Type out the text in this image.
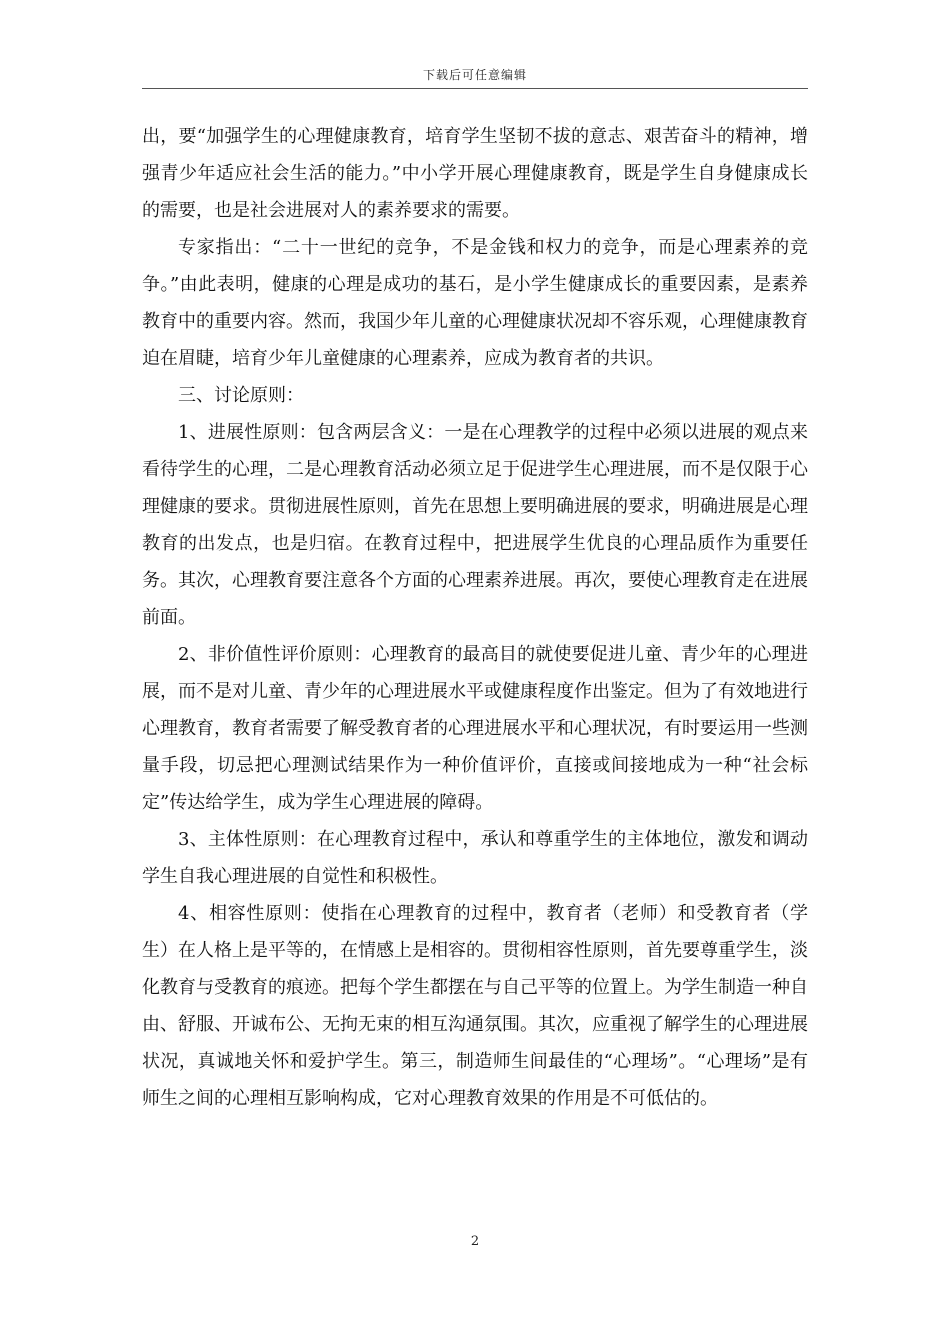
下载后可任意编辑

出，要“加强学生的心理健康教育，培育学生坚韧不拔的意志、艰苦奋斗的精神，增强青少年适应社会生活的能力。”中小学开展心理健康教育，既是学生自身健康成长的需要，也是社会进展对人的素养要求的需要。

专家指出：“二十一世纪的竞争，不是金钱和权力的竞争，而是心理素养的竞争。”由此表明，健康的心理是成功的基石，是小学生健康成长的重要因素，是素养教育中的重要内容。然而，我国少年儿童的心理健康状况却不容乐观，心理健康教育迫在眉睫，培育少年儿童健康的心理素养，应成为教育者的共识。

三、讨论原则：

1、进展性原则：包含两层含义：一是在心理教学的过程中必须以进展的观点来看待学生的心理，二是心理教育活动必须立足于促进学生心理进展，而不是仅限于心理健康的要求。贯彻进展性原则，首先在思想上要明确进展的要求，明确进展是心理教育的出发点，也是归宿。在教育过程中，把进展学生优良的心理品质作为重要任务。其次，心理教育要注意各个方面的心理素养进展。再次，要使心理教育走在进展前面。

2、非价值性评价原则：心理教育的最高目的就使要促进儿童、青少年的心理进展，而不是对儿童、青少年的心理进展水平或健康程度作出鉴定。但为了有效地进行心理教育，教育者需要了解受教育者的心理进展水平和心理状况，有时要运用一些测量手段，切忌把心理测试结果作为一种价值评价，直接或间接地成为一种“社会标定”传达给学生，成为学生心理进展的障碍。

3、主体性原则：在心理教育过程中，承认和尊重学生的主体地位，激发和调动学生自我心理进展的自觉性和积极性。

4、相容性原则：使指在心理教育的过程中，教育者（老师）和受教育者（学生）在人格上是平等的，在情感上是相容的。贯彻相容性原则，首先要尊重学生，淡化教育与受教育的痕迹。把每个学生都摆在与自己平等的位置上。为学生制造一种自由、舒服、开诚布公、无拘无束的相互沟通氛围。其次，应重视了解学生的心理进展状况，真诚地关怀和爱护学生。第三，制造师生间最佳的“心理场”。“心理场”是有师生之间的心理相互影响构成，它对心理教育效果的作用是不可低估的。

2
